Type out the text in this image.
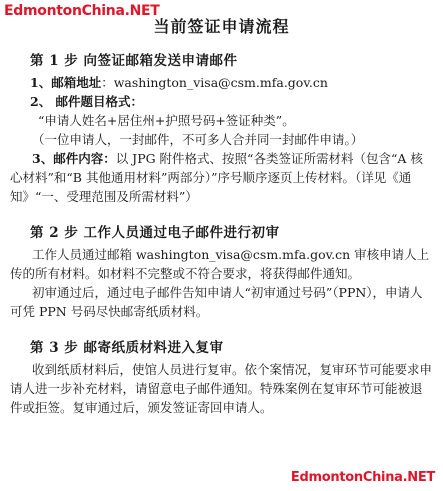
EdmontonChina.NET
当前签证申请流程
第 1 步 向签证邮箱发送申请邮件

1、邮箱地址：washington_visa@csm.mfa.gov.cn

2、 邮件题目格式：

“申请人姓名+居住州+护照号码+签证种类”。

（一位申请人，一封邮件，不可多人合并同一封邮件申请。）

3、邮件内容：以 JPG 附件格式、按照“各类签证所需材料（包含“A 核心材料”和“B 其他通用材料”两部分）”序号顺序逐页上传材料。（详见《通知》“一、受理范围及所需材料”）

第 2 步 工作人员通过电子邮件进行初审

工作人员通过邮箱 washington_visa@csm.mfa.gov.cn 审核申请人上传的所有材料。如材料不完整或不符合要求，将获得邮件通知。

初审通过后，通过电子邮件告知申请人“初审通过号码”（PPN），申请人可凭 PPN 号码尽快邮寄纸质材料。

第 3 步 邮寄纸质材料进入复审

收到纸质材料后，使馆人员进行复审。依个案情况，复审环节可能要求申请人进一步补充材料，请留意电子邮件通知。特殊案例在复审环节可能被退件或拒签。复审通过后，颁发签证寄回申请人。

EdmontonChina.NET
